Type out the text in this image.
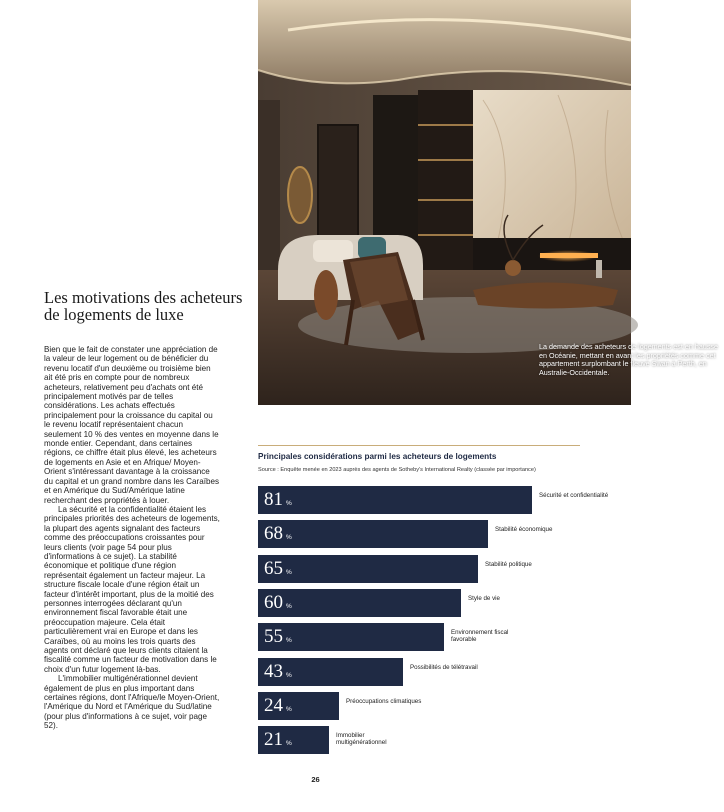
La demande des acheteurs de logements est en hausse en Océanie, mettant en avant les propriétés comme cet appartement surplombant le fleuve Swan à Perth, en Australie-Occidentale.
Les motivations des acheteurs de logements de luxe

Bien que le fait de constater une appréciation de la valeur de leur logement ou de bénéficier du revenu locatif d'un deuxième ou troisième bien ait été pris en compte pour de nombreux acheteurs, relativement peu d'achats ont été principalement motivés par de telles considérations. Les achats effectués principalement pour la croissance du capital ou le revenu locatif représentaient chacun seulement 10 % des ventes en moyenne dans le monde entier. Cependant, dans certaines régions, ce chiffre était plus élevé, les acheteurs de logements en Asie et en Afrique/ Moyen-Orient s'intéressant davantage à la croissance du capital et un grand nombre dans les Caraïbes et en Amérique du Sud/Amérique latine recherchant des propriétés à louer.

La sécurité et la confidentialité étaient les principales priorités des acheteurs de logements, la plupart des agents signalant des facteurs comme des préoccupations croissantes pour leurs clients (voir page 54 pour plus d'informations à ce sujet). La stabilité économique et politique d'une région représentait également un facteur majeur. La structure fiscale locale d'une région était un facteur d'intérêt important, plus de la moitié des personnes interrogées déclarant qu'un environnement fiscal favorable était une préoccupation majeure. Cela était particulièrement vrai en Europe et dans les Caraïbes, où au moins les trois quarts des agents ont déclaré que leurs clients citaient la fiscalité comme un facteur de motivation dans le choix d'un futur logement là-bas.

L'immobilier multigénérationnel devient également de plus en plus important dans certaines régions, dont l'Afrique/le Moyen-Orient, l'Amérique du Nord et l'Amérique du Sud/latine (pour plus d'informations à ce sujet, voir page 52).

Principales considérations parmi les acheteurs de logements
Source : Enquête menée en 2023 auprès des agents de Sotheby's International Realty (classée par importance)
81 %
Sécurité et confidentialité
68 %
Stabilité économique
65 %
Stabilité politique
60 %
Style de vie
55 %
Environnement fiscal favorable
43 %
Possibilités de télétravail
24 %
Préoccupations climatiques
21 %
Immobilier multigénérationnel
26
